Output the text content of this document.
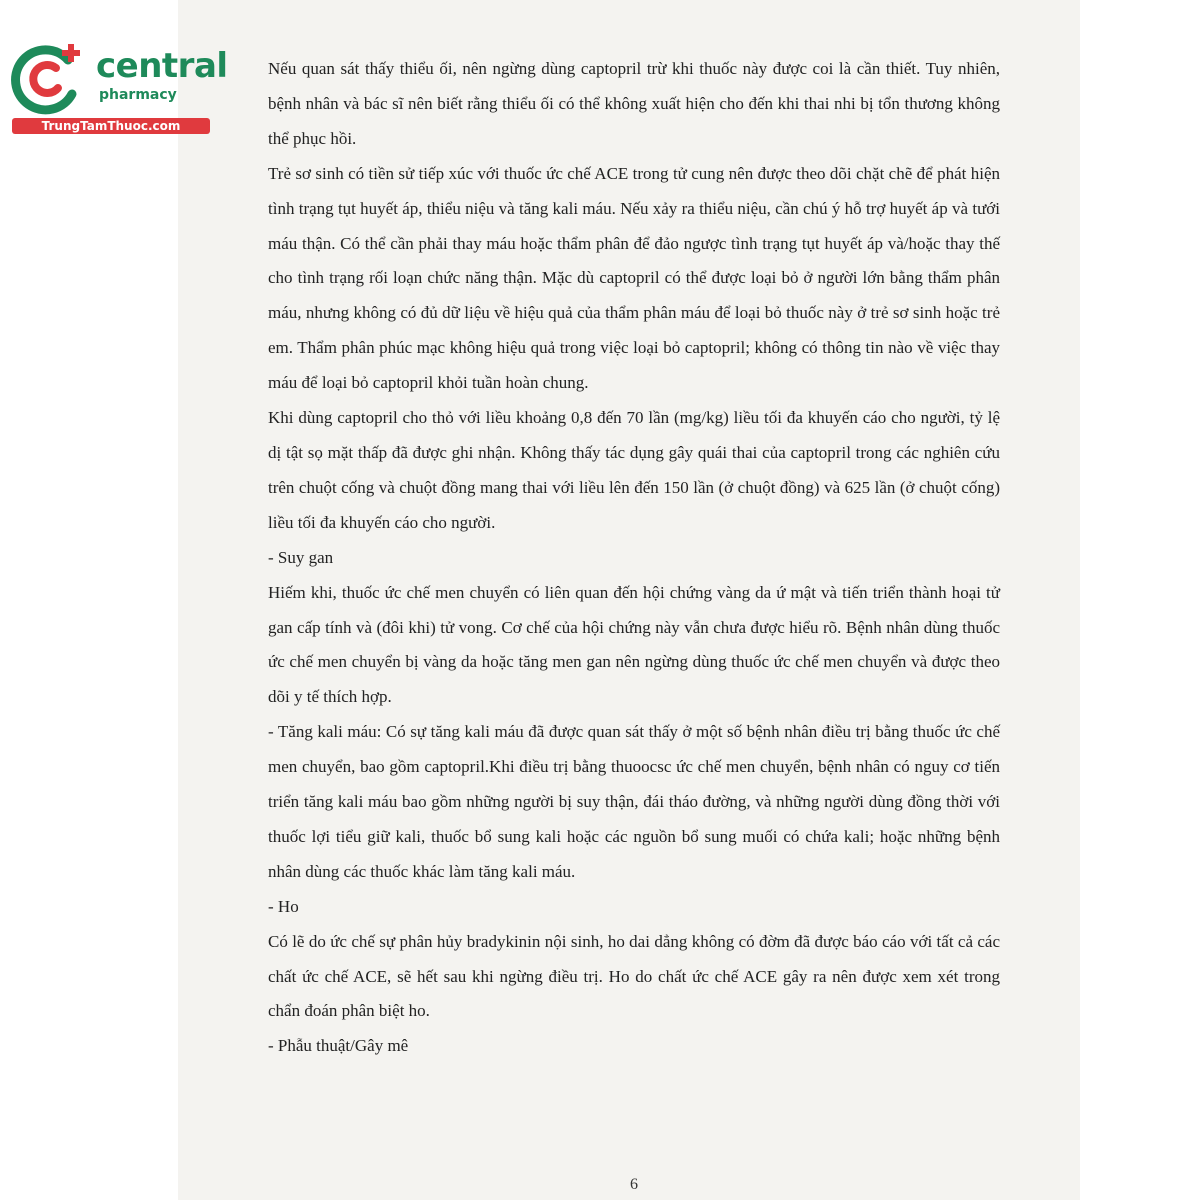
central
pharmacy
TrungTamThuoc.com

Nếu quan sát thấy thiểu ối, nên ngừng dùng captopril trừ khi thuốc này được coi là cần thiết. Tuy nhiên, bệnh nhân và bác sĩ nên biết rằng thiểu ối có thể không xuất hiện cho đến khi thai nhi bị tổn thương không thể phục hồi.

Trẻ sơ sinh có tiền sử tiếp xúc với thuốc ức chế ACE trong tử cung nên được theo dõi chặt chẽ để phát hiện tình trạng tụt huyết áp, thiểu niệu và tăng kali máu. Nếu xảy ra thiểu niệu, cần chú ý hỗ trợ huyết áp và tưới máu thận. Có thể cần phải thay máu hoặc thẩm phân để đảo ngược tình trạng tụt huyết áp và/hoặc thay thế cho tình trạng rối loạn chức năng thận. Mặc dù captopril có thể được loại bỏ ở người lớn bằng thẩm phân máu, nhưng không có đủ dữ liệu về hiệu quả của thẩm phân máu để loại bỏ thuốc này ở trẻ sơ sinh hoặc trẻ em. Thẩm phân phúc mạc không hiệu quả trong việc loại bỏ captopril; không có thông tin nào về việc thay máu để loại bỏ captopril khỏi tuần hoàn chung.

Khi dùng captopril cho thỏ với liều khoảng 0,8 đến 70 lần (mg/kg) liều tối đa khuyến cáo cho người, tỷ lệ dị tật sọ mặt thấp đã được ghi nhận. Không thấy tác dụng gây quái thai của captopril trong các nghiên cứu trên chuột cống và chuột đồng mang thai với liều lên đến 150 lần (ở chuột đồng) và 625 lần (ở chuột cống) liều tối đa khuyến cáo cho người.

- Suy gan

Hiếm khi, thuốc ức chế men chuyển có liên quan đến hội chứng vàng da ứ mật và tiến triển thành hoại tử gan cấp tính và (đôi khi) tử vong. Cơ chế của hội chứng này vẫn chưa được hiểu rõ. Bệnh nhân dùng thuốc ức chế men chuyển bị vàng da hoặc tăng men gan nên ngừng dùng thuốc ức chế men chuyển và được theo dõi y tế thích hợp.

- Tăng kali máu: Có sự tăng kali máu đã được quan sát thấy ở một số bệnh nhân điều trị bằng thuốc ức chế men chuyển, bao gồm captopril.Khi điều trị bằng thuoocsc ức chế men chuyển, bệnh nhân có nguy cơ tiến triển tăng kali máu bao gồm những người bị suy thận, đái tháo đường, và những người dùng đồng thời với thuốc lợi tiểu giữ kali, thuốc bổ sung kali hoặc các nguồn bổ sung muối có chứa kali; hoặc những bệnh nhân dùng các thuốc khác làm tăng kali máu.

- Ho

Có lẽ do ức chế sự phân hủy bradykinin nội sinh, ho dai dẳng không có đờm đã được báo cáo với tất cả các chất ức chế ACE, sẽ hết sau khi ngừng điều trị. Ho do chất ức chế ACE gây ra nên được xem xét trong chẩn đoán phân biệt ho.

- Phẫu thuật/Gây mê

6
